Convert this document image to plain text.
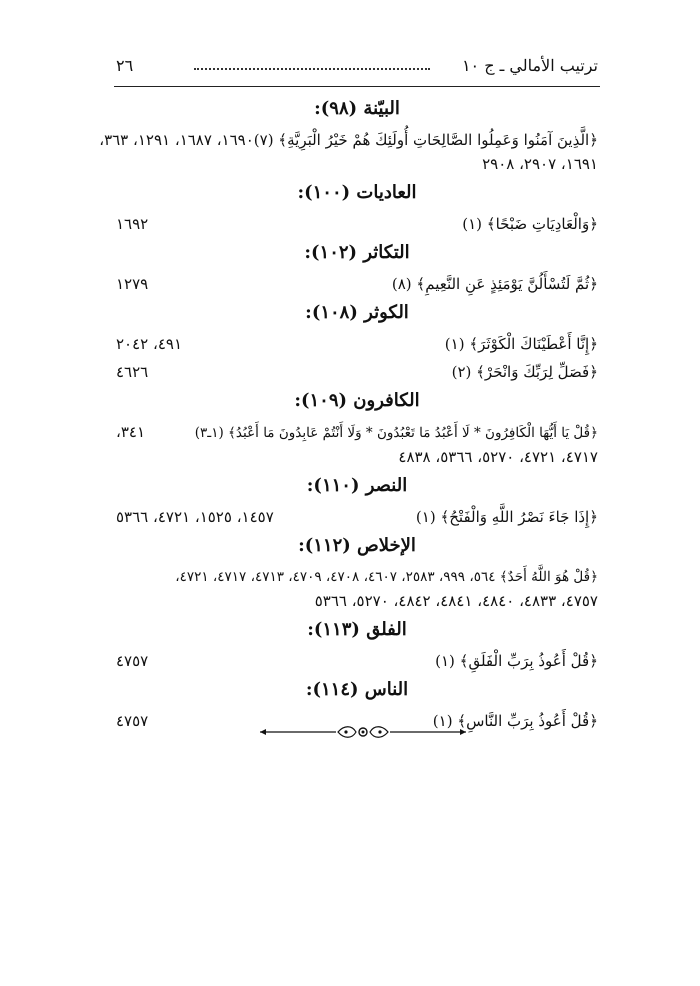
٢٦	ترتيب الأمالي ـ ج ١٠
البيّنة (٩٨):
﴿الَّذِينَ آمَنُوا وَعَمِلُوا الصَّالِحَاتِ أُولَئِكَ هُمْ خَيْرُ الْبَرِيَّةِ﴾ (٧)
١٦٩٠، ١٦٨٧، ١٢٩١، ٣٦٣،
١٦٩١، ٢٩٠٧، ٢٩٠٨
العاديات (١٠٠):
﴿وَالْعَادِيَاتِ ضَبْحًا﴾ (١)
١٦٩٢
التكاثر (١٠٢):
﴿ثُمَّ لَتُسْأَلُنَّ يَوْمَئِذٍ عَنِ النَّعِيمِ﴾ (٨)
١٢٧٩
الكوثر (١٠٨):
﴿إِنَّا أَعْطَيْنَاكَ الْكَوْثَرَ﴾ (١)
٤٩١، ٢٠٤٢
﴿فَصَلِّ لِرَبِّكَ وَانْحَرْ﴾ (٢)
٤٦٢٦
الكافرون (١٠٩):
﴿قُلْ يَا أَيُّهَا الْكَافِرُونَ * لَا أَعْبُدُ مَا تَعْبُدُونَ * وَلَا أَنْتُمْ عَابِدُونَ مَا أَعْبُدُ﴾ (١ـ٣)
٣٤١،
٤٧١٧، ٤٧٢١، ٥٢٧٠، ٥٣٦٦، ٤٨٣٨
النصر (١١٠):
﴿إِذَا جَاءَ نَصْرُ اللَّهِ وَالْفَتْحُ﴾ (١)
١٤٥٧، ١٥٢٥، ٤٧٢١، ٥٣٦٦
الإخلاص (١١٢):
﴿قُلْ هُوَ اللَّهُ أَحَدٌ﴾ ٥٦٤، ٩٩٩، ٢٥٨٣، ٤٦٠٧، ٤٧٠٨، ٤٧٠٩، ٤٧١٣، ٤٧١٧، ٤٧٢١،
٤٧٥٧، ٤٨٣٣، ٤٨٤٠، ٤٨٤١، ٤٨٤٢، ٥٢٧٠، ٥٣٦٦
الفلق (١١٣):
﴿قُلْ أَعُوذُ بِرَبِّ الْفَلَقِ﴾ (١)
٤٧٥٧
الناس (١١٤):
﴿قُلْ أَعُوذُ بِرَبِّ النَّاسِ﴾ (١)
٤٧٥٧
